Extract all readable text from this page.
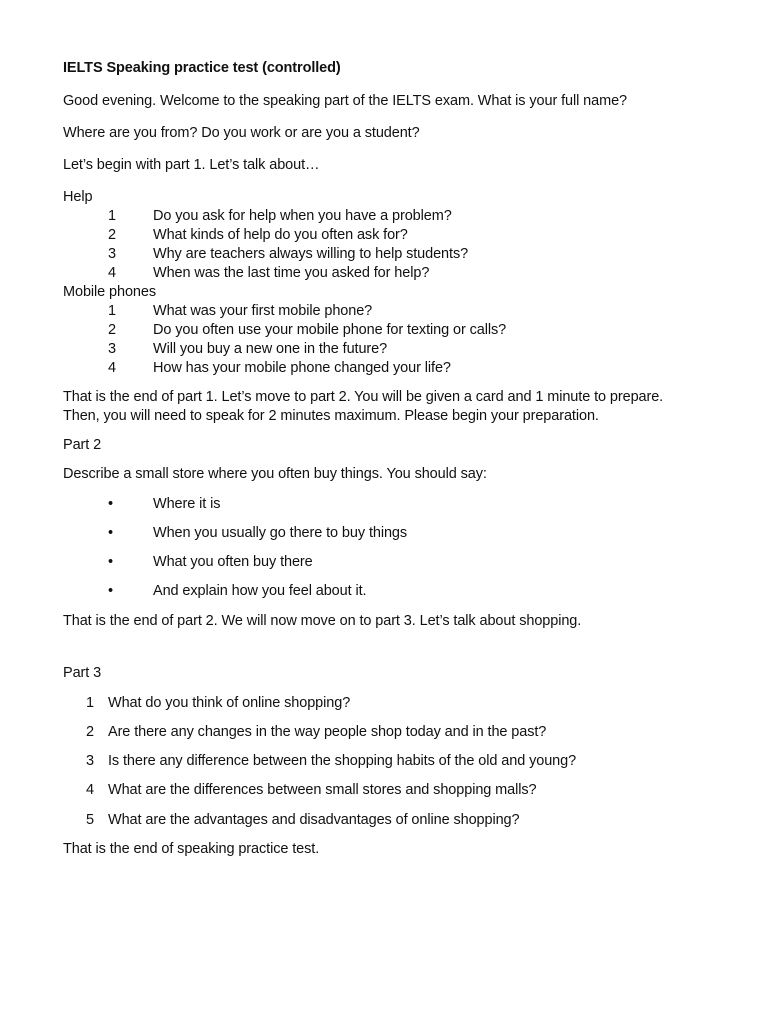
IELTS Speaking practice test (controlled)
Good evening. Welcome to the speaking part of the IELTS exam. What is your full name?
Where are you from? Do you work or are you a student?
Let’s begin with part 1. Let’s talk about…
Help
1	Do you ask for help when you have a problem?
2	What kinds of help do you often ask for?
3	Why are teachers always willing to help students?
4	When was the last time you asked for help?
Mobile phones
1	What was your first mobile phone?
2	Do you often use your mobile phone for texting or calls?
3	Will you buy a new one in the future?
4	How has your mobile phone changed your life?
That is the end of part 1. Let’s move to part 2. You will be given a card and 1 minute to prepare.
Then, you will need to speak for 2 minutes maximum. Please begin your preparation.
Part 2
Describe a small store where you often buy things. You should say:
•	Where it is
•	When you usually go there to buy things
•	What you often buy there
•	And explain how you feel about it.
That is the end of part 2. We will now move on to part 3. Let’s talk about shopping.
Part 3
1 What do you think of online shopping?
2 Are there any changes in the way people shop today and in the past?
3 Is there any difference between the shopping habits of the old and young?
4 What are the differences between small stores and shopping malls?
5 What are the advantages and disadvantages of online shopping?
That is the end of speaking practice test.
